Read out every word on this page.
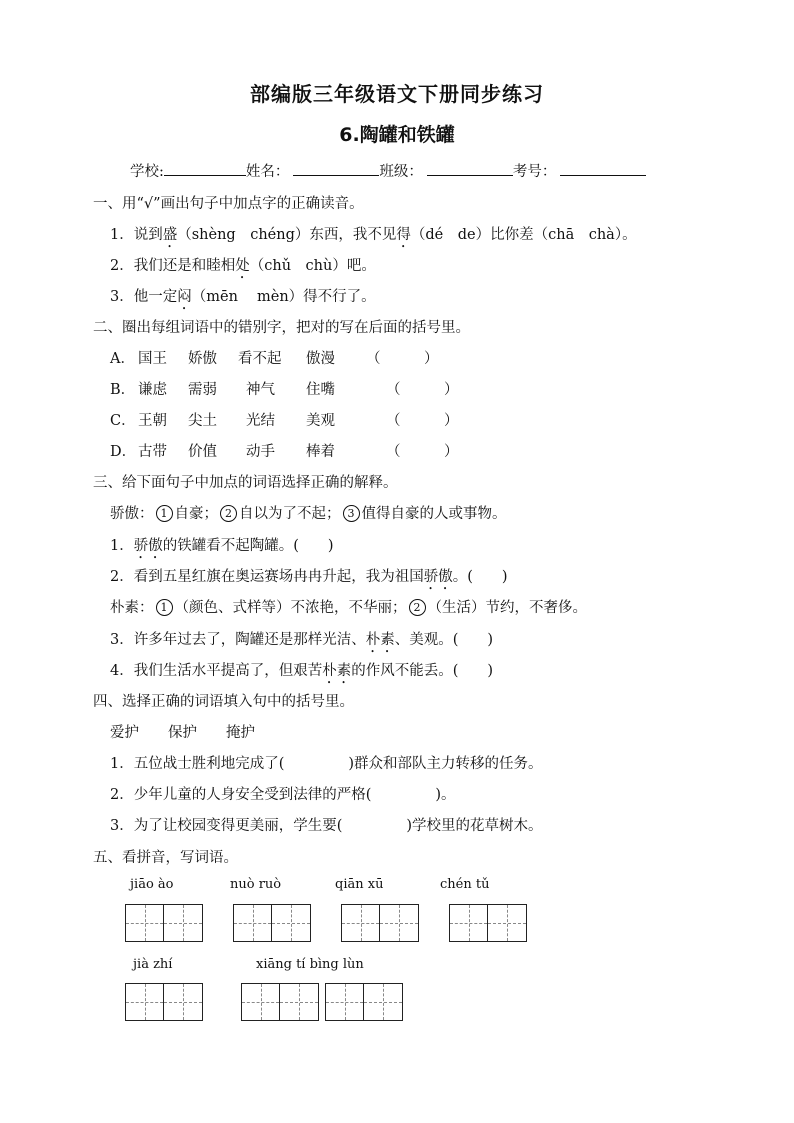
部编版三年级语文下册同步练习
6.陶罐和铁罐
学校:	姓名：	班级：	考号：
一、用“√”画出句子中加点字的正确读音。
1．说到盛（shèng　chéng）东西，我不见得（dé　de）比你差（chā　chà）。
2．我们还是和睦相处（chǔ　chù）吧。
3．他一定闷（mēn　 mèn）得不行了。
二、圈出每组词语中的错别字，把对的写在后面的括号里。
A． 国王 娇傲 看不起 傲漫 （　　　）
B． 谦虑 需弱 神气 住嘴	（　　　）
C． 王朝 尖土 光结 美观	（　　　）
D． 古带 价值 动手 棒着	（　　　）
三、给下面句子中加点的词语选择正确的解释。
骄傲： 1 自豪； 2 自以为了不起； 3 值得自豪的人或事物。
1．骄傲的铁罐看不起陶罐。(　　)
2．看到五星红旗在奥运赛场冉冉升起，我为祖国骄傲。(　　)
朴素： 1 （颜色、式样等）不浓艳，不华丽； 2 （生活）节约，不奢侈。
3．许多年过去了，陶罐还是那样光洁、朴素、美观。(　　)
4．我们生活水平提高了，但艰苦朴素的作风不能丢。(　　)
四、选择正确的词语填入句中的括号里。
爱护 保护 掩护
1．五位战士胜利地完成了(	)群众和部队主力转移的任务。
2．少年儿童的人身安全受到法律的严格(	)。
3．为了让校园变得更美丽，学生要(	)学校里的花草树木。
五、看拼音，写词语。
jiāo ào	nuò ruò	qiān xū	chén tǔ
jià zhí	xiāng tí bìng lùn
